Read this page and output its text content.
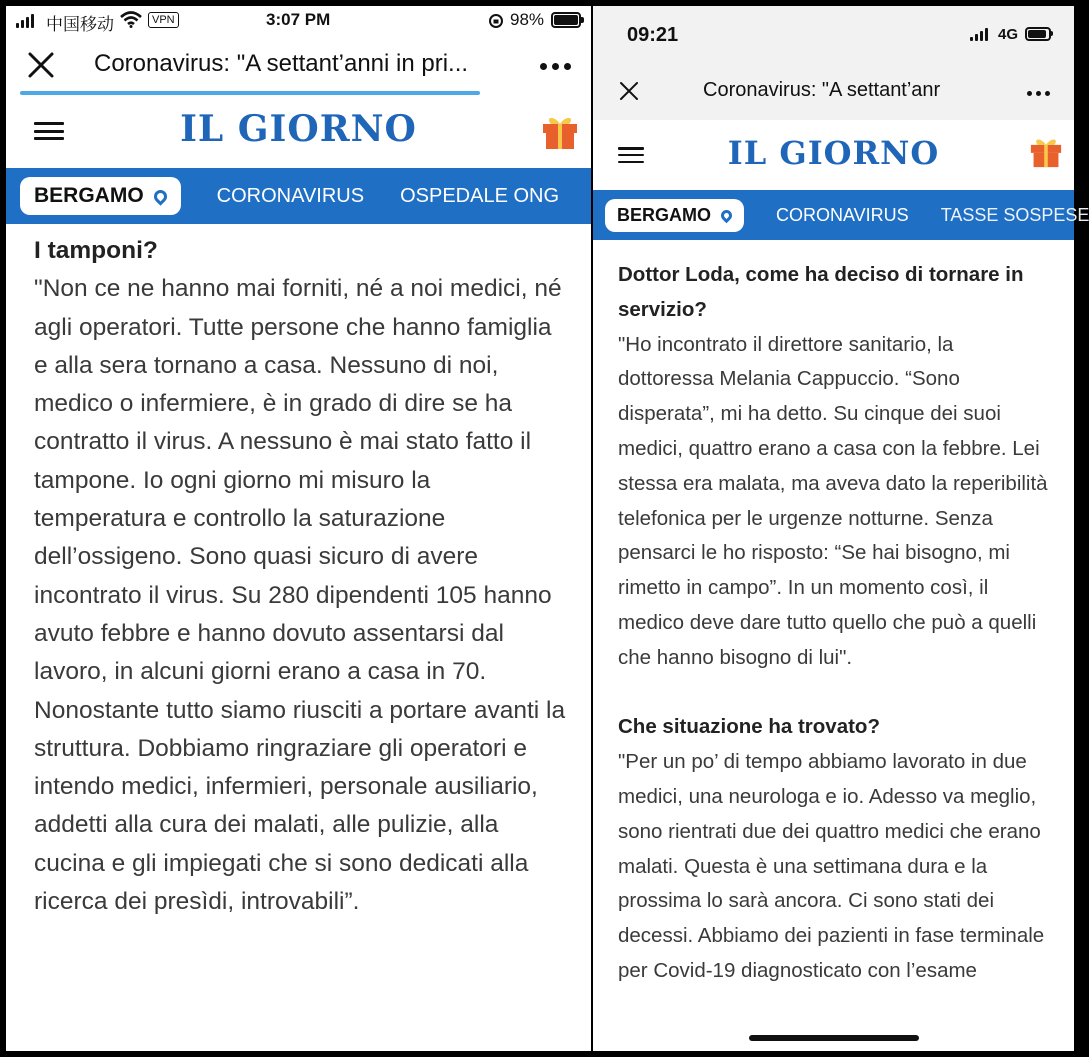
中国移动	VPN	3:07 PM	98%
Coronavirus: "A settant’anni in pri...
IL GIORNO
BERGAMO	CORONAVIRUS OSPEDALE ONG
I tamponi?
"Non ce ne hanno mai forniti, né a noi medici, né agli operatori. Tutte persone che hanno famiglia e alla sera tornano a casa. Nessuno di noi, medico o infermiere, è in grado di dire se ha contratto il virus. A nessuno è mai stato fatto il tampone. Io ogni giorno mi misuro la temperatura e controllo la saturazione dell’ossigeno. Sono quasi sicuro di avere incontrato il virus. Su 280 dipendenti 105 hanno avuto febbre e hanno dovuto assentarsi dal lavoro, in alcuni giorni erano a casa in 70. Nonostante tutto siamo riusciti a portare avanti la struttura. Dobbiamo ringraziare gli operatori e intendo medici, infermieri, personale ausiliario, addetti alla cura dei malati, alle pulizie, alla cucina e gli impiegati che si sono dedicati alla ricerca dei presìdi, introvabili”.
09:21	4G
Coronavirus: "A settant’anr
IL GIORNO
BERGAMO	CORONAVIRUS TASSE SOSPESE
Dottor Loda, come ha deciso di tornare in servizio?
"Ho incontrato il direttore sanitario, la dottoressa Melania Cappuccio. “Sono disperata”, mi ha detto. Su cinque dei suoi medici, quattro erano a casa con la febbre. Lei stessa era malata, ma aveva dato la reperibilità telefonica per le urgenze notturne. Senza pensarci le ho risposto: “Se hai bisogno, mi rimetto in campo”. In un momento così, il medico deve dare tutto quello che può a quelli che hanno bisogno di lui".
Che situazione ha trovato?
"Per un po’ di tempo abbiamo lavorato in due medici, una neurologa e io. Adesso va meglio, sono rientrati due dei quattro medici che erano malati. Questa è una settimana dura e la prossima lo sarà ancora. Ci sono stati dei decessi. Abbiamo dei pazienti in fase terminale per Covid-19 diagnosticato con l’esame
